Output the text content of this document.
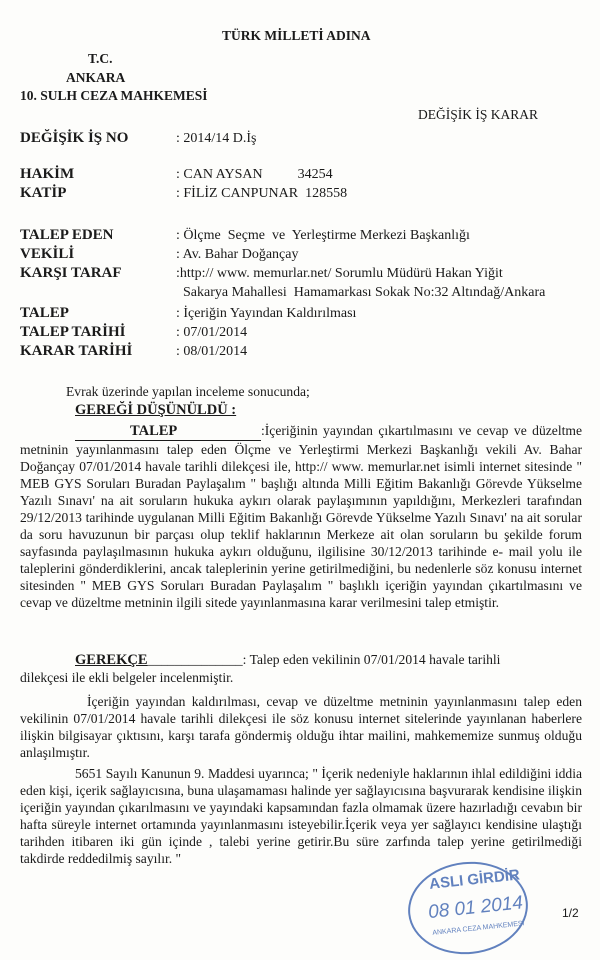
TÜRK MİLLETİ ADINA
T.C.
ANKARA
10. SULH CEZA MAHKEMESİ
DEĞİŞİK İŞ KARAR
DEĞİŞİK İŞ NO	: 2014/14 D.İş
HAKİM	: CAN AYSAN          34254
KATİP	: FİLİZ CANPUNAR  128558
TALEP EDEN	: Ölçme  Seçme  ve  Yerleştirme Merkezi Başkanlığı
VEKİLİ	: Av. Bahar Doğançay
KARŞI TARAF	:http:// www. memurlar.net/ Sorumlu Müdürü Hakan Yiğit
Sakarya Mahallesi  Hamamarkası Sokak No:32 Altındağ/Ankara
TALEP	: İçeriğin Yayından Kaldırılması
TALEP TARİHİ	: 07/01/2014
KARAR TARİHİ	: 08/01/2014
Evrak üzerinde yapılan inceleme sonucunda;
GEREĞİ DÜŞÜNÜLDÜ :
TALEP	:İçeriğinin yayından çıkartılmasını ve cevap ve düzeltme metninin yayınlanmasını talep eden Ölçme ve Yerleştirmi Merkezi Başkanlığı vekili Av. Bahar Doğançay 07/01/2014 havale tarihli dilekçesi ile, http:// www. memurlar.net isimli internet sitesinde " MEB GYS Soruları Buradan Paylaşalım " başlığı altında Milli Eğitim Bakanlığı Görevde Yükselme Yazılı Sınavı' na ait soruların hukuka aykırı olarak paylaşımının yapıldığını, Merkezleri tarafından 29/12/2013 tarihinde uygulanan Milli Eğitim Bakanlığı Görevde Yükselme Yazılı Sınavı' na ait sorular da soru havuzunun bir parçası olup teklif haklarının Merkeze ait olan soruların bu şekilde forum sayfasında paylaşılmasının hukuka aykırı olduğunu, ilgilisine 30/12/2013 tarihinde e- mail yolu ile taleplerini gönderdiklerini, ancak taleplerinin yerine getirilmediğini, bu nedenlerle söz konusu internet sitesinden " MEB GYS Soruları Buradan Paylaşalım " başlıklı içeriğin yayından çıkartılmasını ve cevap ve düzeltme metninin ilgili sitede yayınlanmasına karar verilmesini talep etmiştir.
GEREKÇE______________: Talep eden vekilinin 07/01/2014 havale tarihli
dilekçesi ile ekli belgeler incelenmiştir.
İçeriğin yayından kaldırılması, cevap ve düzeltme metninin yayınlanmasını talep eden vekilinin 07/01/2014 havale tarihli dilekçesi ile söz konusu internet sitelerinde yayınlanan haberlere ilişkin bilgisayar çıktısını, karşı tarafa göndermiş olduğu ihtar mailini, mahkememize sunmuş olduğu anlaşılmıştır.
5651 Sayılı Kanunun 9. Maddesi uyarınca; " İçerik nedeniyle haklarının ihlal edildiğini iddia eden kişi, içerik sağlayıcısına, buna ulaşamaması halinde yer sağlayıcısına başvurarak kendisine ilişkin içeriğin yayından çıkarılmasını ve yayındaki kapsamından fazla olmamak üzere hazırladığı cevabın bir hafta süreyle internet ortamında yayınlanmasını isteyebilir.İçerik veya yer sağlayıcı kendisine ulaştığı tarihden itibaren iki gün içinde , talebi yerine getirir.Bu süre zarfında talep yerine getirilmediği takdirde reddedilmiş sayılır. "
ASLI GİRDİR
08 01 2014
ANKARA CEZA MAHKEMESİ
1/2
